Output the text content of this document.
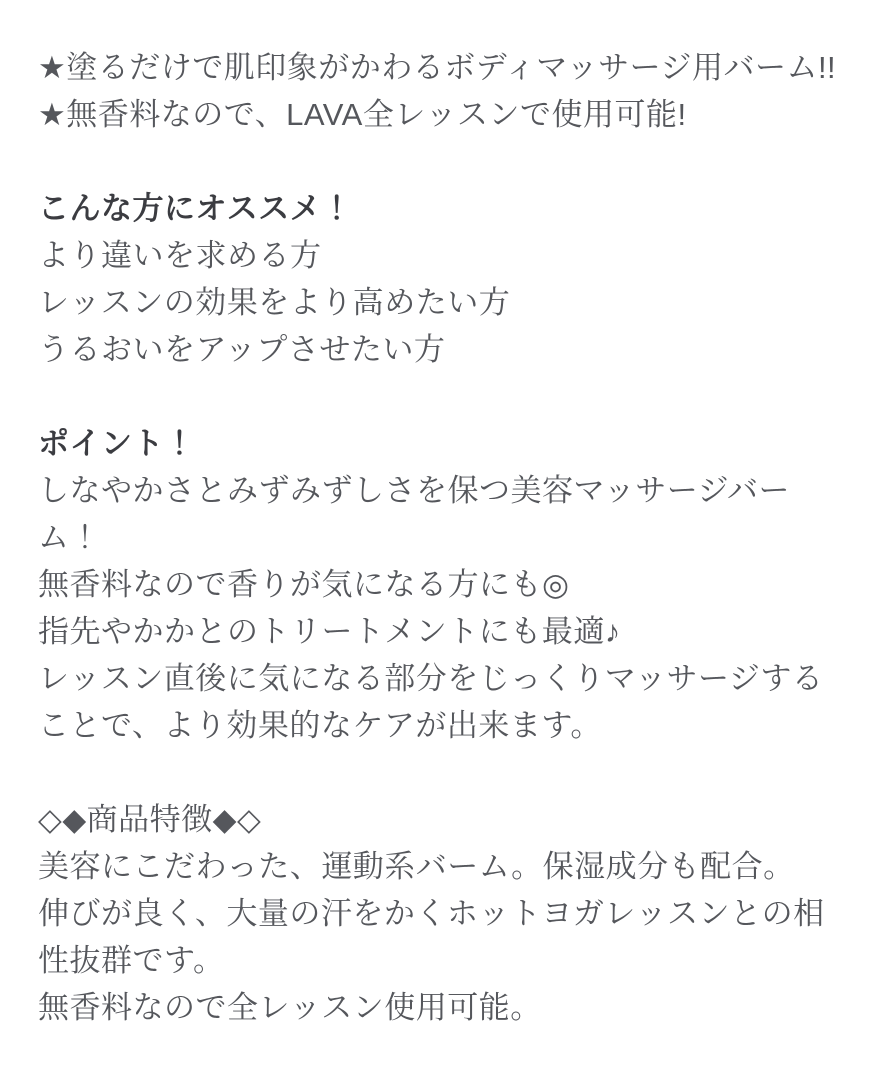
★塗るだけで肌印象がかわるボディマッサージ用バーム!!
★無香料なので、LAVA全レッスンで使用可能!
こんな方にオススメ！
より違いを求める方
レッスンの効果をより高めたい方
うるおいをアップさせたい方
ポイント！
しなやかさとみずみずしさを保つ美容マッサージバー
ム！
無香料なので香りが気になる方にも◎
指先やかかとのトリートメントにも最適♪
レッスン直後に気になる部分をじっくりマッサージする
ことで、より効果的なケアが出来ます。
◇◆商品特徴◆◇
美容にこだわった、運動系バーム。保湿成分も配合。
伸びが良く、大量の汗をかくホットヨガレッスンとの相
性抜群です。
無香料なので全レッスン使用可能。
